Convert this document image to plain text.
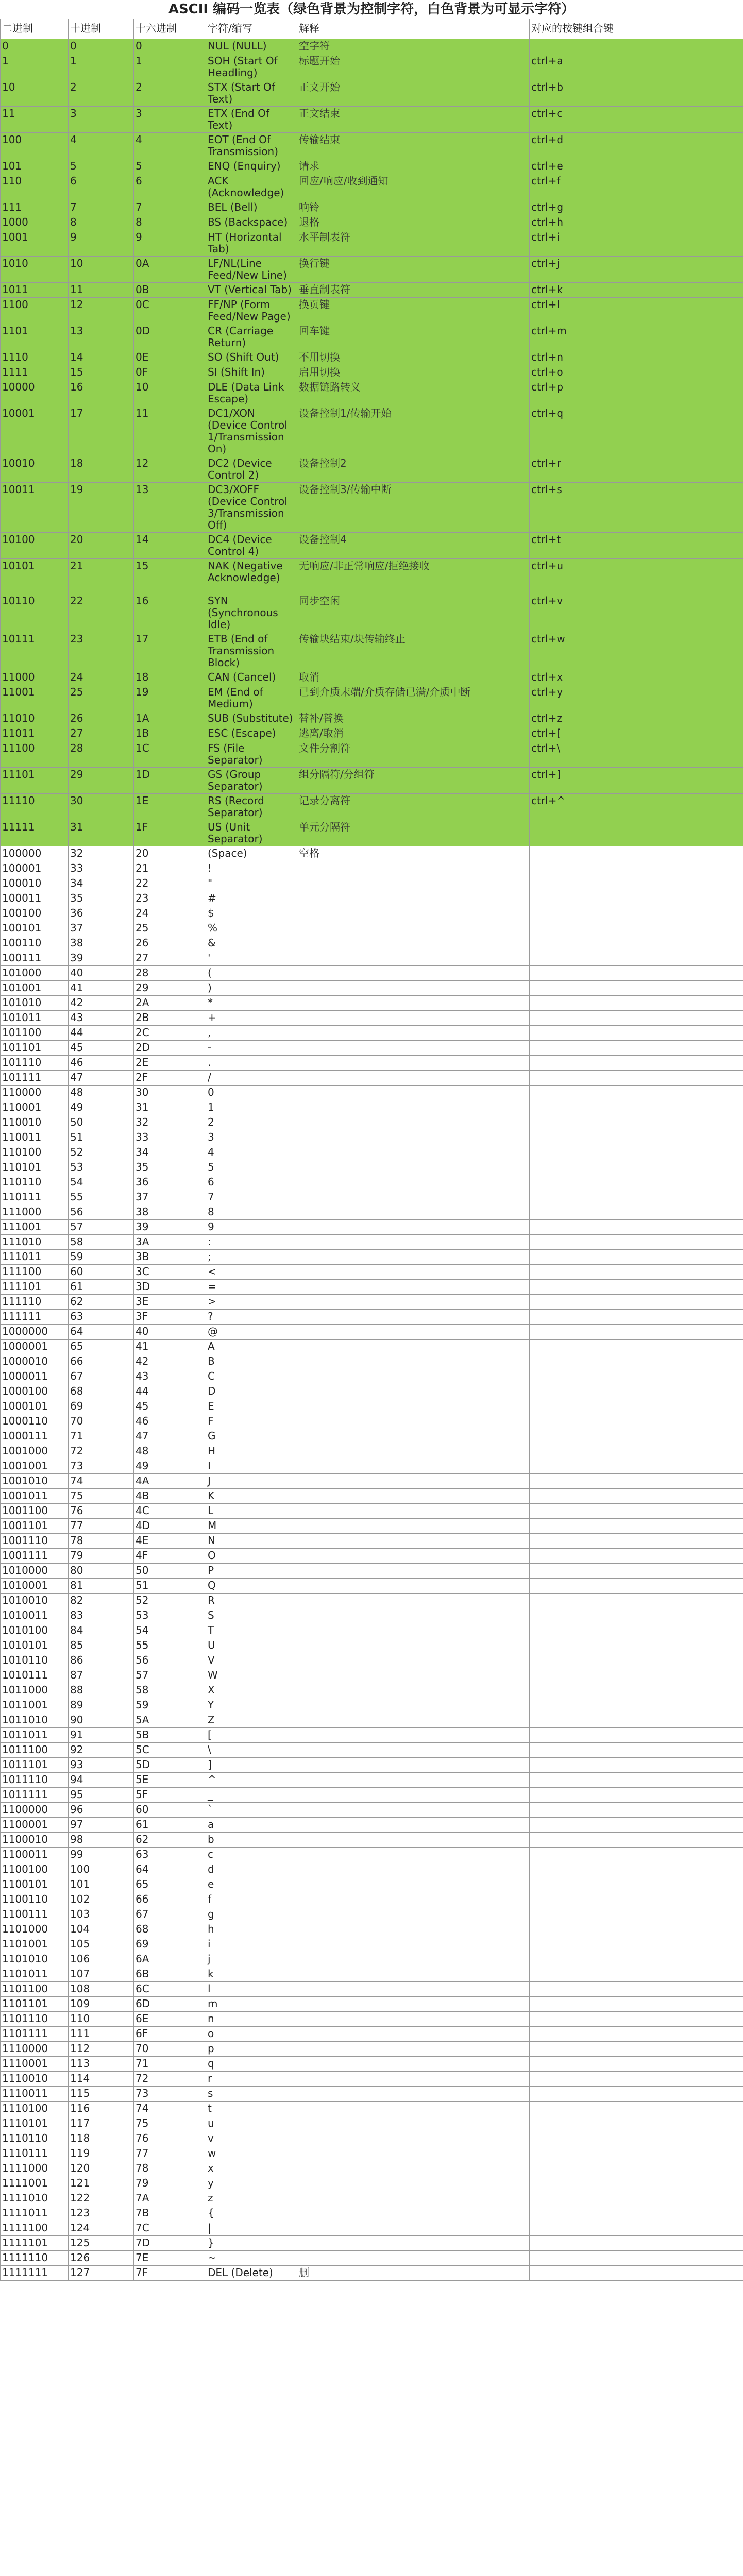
ASCII 编码一览表（绿色背景为控制字符，白色背景为可显示字符）
二进制	十进制	十六进制	字符/缩写	解释	对应的按键组合键
0	0	0	NUL (NULL)	空字符	
1	1	1	SOH (Start Of Headling)	标题开始	ctrl+a
10	2	2	STX (Start Of Text)	正文开始	ctrl+b
11	3	3	ETX (End Of Text)	正文结束	ctrl+c
100	4	4	EOT (End Of Transmission)	传输结束	ctrl+d
101	5	5	ENQ (Enquiry)	请求	ctrl+e
110	6	6	ACK (Acknowledge)	回应/响应/收到通知	ctrl+f
111	7	7	BEL (Bell)	响铃	ctrl+g
1000	8	8	BS (Backspace)	退格	ctrl+h
1001	9	9	HT (Horizontal Tab)	水平制表符	ctrl+i
1010	10	0A	LF/NL(Line Feed/New Line)	换行键	ctrl+j
1011	11	0B	VT (Vertical Tab)	垂直制表符	ctrl+k
1100	12	0C	FF/NP (Form Feed/New Page)	换页键	ctrl+l
1101	13	0D	CR (Carriage Return)	回车键	ctrl+m
1110	14	0E	SO (Shift Out)	不用切换	ctrl+n
1111	15	0F	SI (Shift In)	启用切换	ctrl+o
10000	16	10	DLE (Data Link Escape)	数据链路转义	ctrl+p
10001	17	11	DC1/XON (Device Control 1/Transmission On)	设备控制1/传输开始	ctrl+q
10010	18	12	DC2 (Device Control 2)	设备控制2	ctrl+r
10011	19	13	DC3/XOFF (Device Control 3/Transmission Off)	设备控制3/传输中断	ctrl+s
10100	20	14	DC4 (Device Control 4)	设备控制4	ctrl+t
10101	21	15	NAK (Negative Acknowledge)	无响应/非正常响应/拒绝接收	ctrl+u
10110	22	16	SYN (Synchronous Idle)	同步空闲	ctrl+v
10111	23	17	ETB (End of Transmission Block)	传输块结束/块传输终止	ctrl+w
11000	24	18	CAN (Cancel)	取消	ctrl+x
11001	25	19	EM (End of Medium)	已到介质末端/介质存储已满/介质中断	ctrl+y
11010	26	1A	SUB (Substitute)	替补/替换	ctrl+z
11011	27	1B	ESC (Escape)	逃离/取消	ctrl+[
11100	28	1C	FS (File Separator)	文件分割符	ctrl+\
11101	29	1D	GS (Group Separator)	组分隔符/分组符	ctrl+]
11110	30	1E	RS (Record Separator)	记录分离符	ctrl+^
11111	31	1F	US (Unit Separator)	单元分隔符	
100000	32	20	(Space)	空格	
100001	33	21	!		
100010	34	22	"		
100011	35	23	#		
100100	36	24	$		
100101	37	25	%		
100110	38	26	&		
100111	39	27	'		
101000	40	28	(		
101001	41	29	)		
101010	42	2A	*		
101011	43	2B	+		
101100	44	2C	,		
101101	45	2D	-		
101110	46	2E	.		
101111	47	2F	/		
110000	48	30	0		
110001	49	31	1		
110010	50	32	2		
110011	51	33	3		
110100	52	34	4		
110101	53	35	5		
110110	54	36	6		
110111	55	37	7		
111000	56	38	8		
111001	57	39	9		
111010	58	3A	:		
111011	59	3B	;		
111100	60	3C	<		
111101	61	3D	=		
111110	62	3E	>		
111111	63	3F	?		
1000000	64	40	@		
1000001	65	41	A		
1000010	66	42	B		
1000011	67	43	C		
1000100	68	44	D		
1000101	69	45	E		
1000110	70	46	F		
1000111	71	47	G		
1001000	72	48	H		
1001001	73	49	I		
1001010	74	4A	J		
1001011	75	4B	K		
1001100	76	4C	L		
1001101	77	4D	M		
1001110	78	4E	N		
1001111	79	4F	O		
1010000	80	50	P		
1010001	81	51	Q		
1010010	82	52	R		
1010011	83	53	S		
1010100	84	54	T		
1010101	85	55	U		
1010110	86	56	V		
1010111	87	57	W		
1011000	88	58	X		
1011001	89	59	Y		
1011010	90	5A	Z		
1011011	91	5B	[		
1011100	92	5C	\		
1011101	93	5D	]		
1011110	94	5E	^		
1011111	95	5F	_		
1100000	96	60	`		
1100001	97	61	a		
1100010	98	62	b		
1100011	99	63	c		
1100100	100	64	d		
1100101	101	65	e		
1100110	102	66	f		
1100111	103	67	g		
1101000	104	68	h		
1101001	105	69	i		
1101010	106	6A	j		
1101011	107	6B	k		
1101100	108	6C	l		
1101101	109	6D	m		
1101110	110	6E	n		
1101111	111	6F	o		
1110000	112	70	p		
1110001	113	71	q		
1110010	114	72	r		
1110011	115	73	s		
1110100	116	74	t		
1110101	117	75	u		
1110110	118	76	v		
1110111	119	77	w		
1111000	120	78	x		
1111001	121	79	y		
1111010	122	7A	z		
1111011	123	7B	{		
1111100	124	7C	|		
1111101	125	7D	}		
1111110	126	7E	~		
1111111	127	7F	DEL (Delete)	删	
